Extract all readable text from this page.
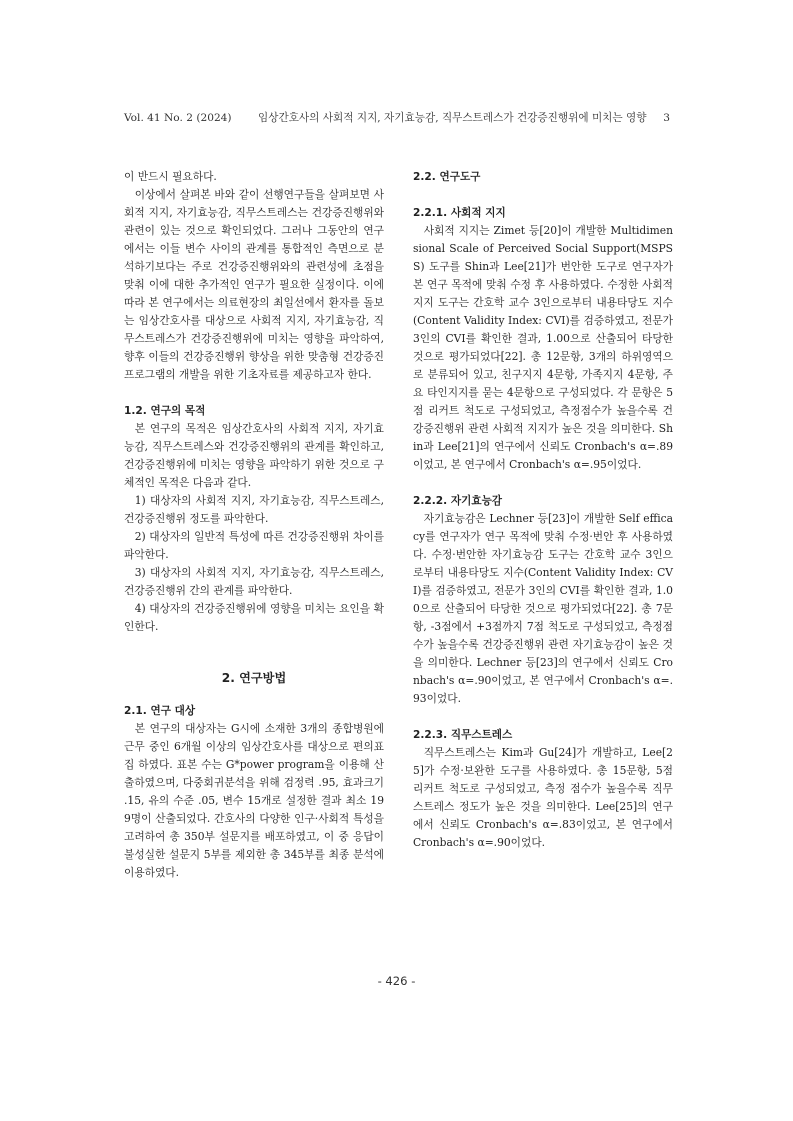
Vol. 41 No. 2 (2024) 임상간호사의 사회적 지지, 자기효능감, 직무스트레스가 건강증진행위에 미치는 영향 3

이 반드시 필요하다.

이상에서 살펴본 바와 같이 선행연구들을 살펴보면 사회적 지지, 자기효능감, 직무스트레스는 건강증진행위와 관련이 있는 것으로 확인되었다. 그러나 그동안의 연구에서는 이들 변수 사이의 관계를 통합적인 측면으로 분석하기보다는 주로 건강증진행위와의 관련성에 초점을 맞춰 이에 대한 추가적인 연구가 필요한 실정이다. 이에 따라 본 연구에서는 의료현장의 최일선에서 환자를 돌보는 임상간호사를 대상으로 사회적 지지, 자기효능감, 직무스트레스가 건강증진행위에 미치는 영향을 파악하여, 향후 이들의 건강증진행위 향상을 위한 맞춤형 건강증진 프로그램의 개발을 위한 기초자료를 제공하고자 한다.

1.2. 연구의 목적

본 연구의 목적은 임상간호사의 사회적 지지, 자기효능감, 직무스트레스와 건강증진행위의 관계를 확인하고, 건강증진행위에 미치는 영향을 파악하기 위한 것으로 구체적인 목적은 다음과 같다.

1) 대상자의 사회적 지지, 자기효능감, 직무스트레스, 건강증진행위 정도를 파악한다.

2) 대상자의 일반적 특성에 따른 건강증진행위 차이를 파악한다.

3) 대상자의 사회적 지지, 자기효능감, 직무스트레스, 건강증진행위 간의 관계를 파악한다.

4) 대상자의 건강증진행위에 영향을 미치는 요인을 확인한다.

2. 연구방법

2.1. 연구 대상

본 연구의 대상자는 G시에 소재한 3개의 종합병원에 근무 중인 6개월 이상의 임상간호사를 대상으로 편의표집 하였다. 표본 수는 G*power program을 이용해 산출하였으며, 다중회귀분석을 위해 검정력 .95, 효과크기 .15, 유의 수준 .05, 변수 15개로 설정한 결과 최소 199명이 산출되었다. 간호사의 다양한 인구·사회적 특성을 고려하여 총 350부 설문지를 배포하였고, 이 중 응답이 불성실한 설문지 5부를 제외한 총 345부를 최종 분석에 이용하였다.

2.2. 연구도구

2.2.1. 사회적 지지

사회적 지지는 Zimet 등[20]이 개발한 Multidimensional Scale of Perceived Social Support(MSPSS) 도구를 Shin과 Lee[21]가 번안한 도구로 연구자가 본 연구 목적에 맞춰 수정 후 사용하였다. 수정한 사회적 지지 도구는 간호학 교수 3인으로부터 내용타당도 지수(Content Validity Index: CVI)를 검증하였고, 전문가 3인의 CVI를 확인한 결과, 1.00으로 산출되어 타당한 것으로 평가되었다[22]. 총 12문항, 3개의 하위영역으로 분류되어 있고, 친구지지 4문항, 가족지지 4문항, 주요 타인지지를 묻는 4문항으로 구성되었다. 각 문항은 5점 리커트 척도로 구성되었고, 측정점수가 높을수록 건강증진행위 관련 사회적 지지가 높은 것을 의미한다. Shin과 Lee[21]의 연구에서 신뢰도 Cronbach's α=.89이었고, 본 연구에서 Cronbach's α=.95이었다.

2.2.2. 자기효능감

자기효능감은 Lechner 등[23]이 개발한 Self efficacy를 연구자가 연구 목적에 맞춰 수정·번안 후 사용하였다. 수정·번안한 자기효능감 도구는 간호학 교수 3인으로부터 내용타당도 지수(Content Validity Index: CVI)를 검증하였고, 전문가 3인의 CVI를 확인한 결과, 1.00으로 산출되어 타당한 것으로 평가되었다[22]. 총 7문항, -3점에서 +3점까지 7점 척도로 구성되었고, 측정점수가 높을수록 건강증진행위 관련 자기효능감이 높은 것을 의미한다. Lechner 등[23]의 연구에서 신뢰도 Cronbach's α=.90이었고, 본 연구에서 Cronbach's α=.93이었다.

2.2.3. 직무스트레스

직무스트레스는 Kim과 Gu[24]가 개발하고, Lee[25]가 수정·보완한 도구를 사용하였다. 총 15문항, 5점 리커트 척도로 구성되었고, 측정 점수가 높을수록 직무스트레스 정도가 높은 것을 의미한다. Lee[25]의 연구에서 신뢰도 Cronbach's α=.83이었고, 본 연구에서 Cronbach's α=.90이었다.

- 426 -
